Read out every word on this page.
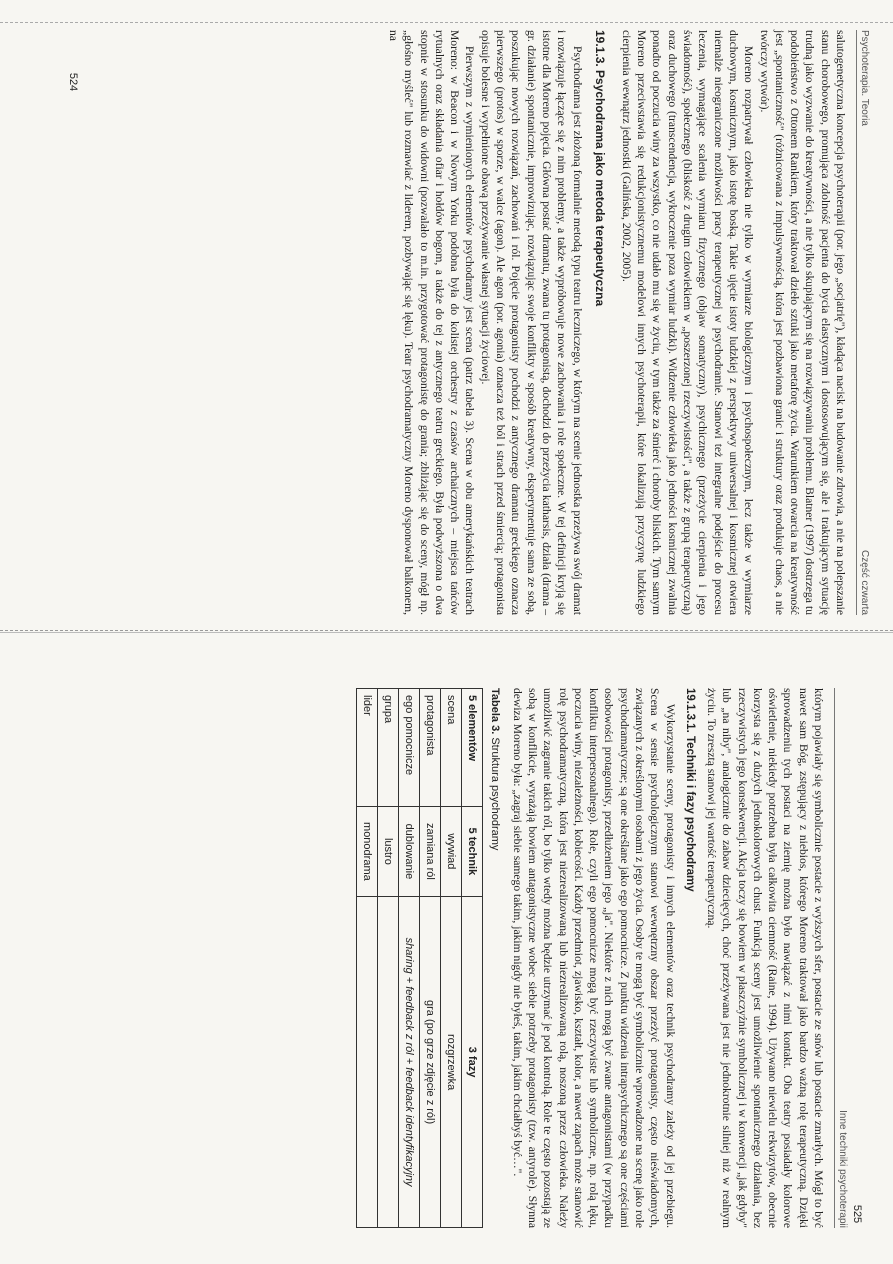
Psychoterapia. Teoria
Część czwarta

salutogenetyczna koncepcja psychoterapii (por. jego „socjatrię"), kładąca nacisk na budowanie zdrowia, a nie na polepszanie stanu chorobowego, promująca zdolność pacjenta do bycia elastycznym i dostosowującym się, ale i traktującym sytuację trudną jako wyzwanie do kreatywności, a nie tylko skupiającym się na rozwiązywaniu problemu. Blatner (1997) dostrzega tu podobieństwo z Ottonem Rankiem, który traktował dzieło sztuki jako metaforę życia. Warunkiem otwarcia na kreatywność jest „spontaniczność" (różnicowana z impulsywnością, która jest pozbawiona granic i struktury oraz produkuje chaos, a nie twórczy wytwór).

Moreno rozpatrywał człowieka nie tylko w wymiarze biologicznym i psychospołecznym, lecz także w wymiarze duchowym, kosmicznym, jako istotę boską. Takie ujęcie istoty ludzkiej z perspektywy uniwersalnej i kosmicznej otwiera niemalże nieograniczone możliwości pracy terapeutycznej w psychodramie. Stanowi też integralne podejście do procesu leczenia, wymagające scalenia wymiaru fizycznego (objaw somatyczny), psychicznego (przeżycie cierpienia i jego świadomość), społecznego (bliskość z drugim człowiekiem w „poszerzonej rzeczywistości", a także z grupą terapeutyczną) oraz duchowego (transcendencja, wykroczenie poza wymiar ludzki). Widzenie człowieka jako jedności kosmicznej zwalnia ponadto od poczucia winy za wszystko, co nie udało mu się w życiu, w tym także za śmierć i choroby bliskich. Tym samym Moreno przeciwstawia się redukcjonistycznemu modelowi innych psychoterapii, które lokalizują przyczynę ludzkiego cierpienia wewnątrz jednostki (Galińska, 2002, 2005).

19.1.3. Psychodrama jako metoda terapeutyczna

Psychodrama jest złożoną formalnie metodą typu teatru leczniczego, w którym na scenie jednostka przeżywa swój dramat i rozwiązuje łączące się z nim problemy, a także wypróbowuje nowe zachowania i role społeczne. W tej definicji kryją się istotne dla Moreno pojęcia. Główna postać dramatu, zwana tu protagonistą, dochodzi do przeżycia katharsis, działa (drama – gr. działanie) spontanicznie, improwizując, rozwiązując swoje konflikty w sposób kreatywny, eksperymentuje sama ze sobą, poszukując nowych rozwiązań, zachowań i ról. Pojęcie protagonisty pochodzi z antycznego dramatu greckiego oznacza pierwszego (protos) w sporze, w walce (agon). Ale agon (por. agonia) oznacza też ból i strach przed śmiercią; protagonista opisuje bolesne i wypełnione obawą przeżywanie własnej sytuacji życiowej.

Pierwszym z wymienionych elementów psychodramy jest scena (patrz tabela 3). Scena w obu amerykańskich teatrach Moreno: w Beacon i w Nowym Yorku podobna była do kolistej orchestry z czasów archaicznych – miejsca tańców rytualnych oraz składania ofiar i hołdów bogom, a także do tej z antycznego teatru greckiego. Była podwyższona o dwa stopnie w stosunku do widowni (pozwalało to m.in. przygotować protagonistę do grania; zbliżając się do sceny, mógł np. „głośno myśleć" lub rozmawiać z liderem, pozbywając się lęku). Teatr psychodramatyczny Moreno dysponował balkonem, na

524
Inne techniki psychoterapii

którym pojawiały się symbolicznie postacie z wyższych sfer, postacie ze snów lub postacie zmarłych. Mógł to być nawet sam Bóg, zstępujący z niebios, którego Moreno traktował jako bardzo ważną rolę terapeutyczną. Dzięki sprowadzeniu tych postaci na ziemię można było nawiązać z nimi kontakt. Oba teatry posiadały kolorowe oświetlenie, niekiedy potrzebna była całkowita ciemność (Raine, 1994). Używano niewielu rekwizytów, obecnie korzysta się z dużych jednokolorowych chust. Funkcją sceny jest umożliwienie spontanicznego działania, bez rzeczywistych jego konsekwencji. Akcja toczy się bowiem w płaszczyźnie symbolicznej i w konwencji „jak gdyby" lub „na niby", analogicznie do zabaw dziecięcych, choć przeżywana jest nie jednokrotnie silniej niż w realnym życiu. To zresztą stanowi jej wartość terapeutyczną.

19.1.3.1. Techniki i fazy psychodramy

Wykorzystanie sceny, protagonisty i innych elementów oraz technik psychodramy zależy od jej przebiegu. Scena w sensie psychologicznym stanowi wewnętrzny obszar przeżyć protagonisty, często nieświadomych, związanych z określonymi osobami z jego życia. Osoby te mogą być symbolicznie wprowadzone na scenę jako role psychodramatyczne; są one określane jako ego pomocnicze. Z punktu widzenia intrapsychicznego są one częściami osobowości protagonisty, przedłużeniem jego „ja". Niektóre z nich mogą być zwane antagonistami (w przypadku konfliktu interpersonalnego). Role, czyli ego pomocnicze mogą być rzeczywiste lub symboliczne, np. rolą lęku, poczucia winy, niezależności, kobiecości. Każdy przedmiot, zjawisko, kształt, kolor, a nawet zapach może stanowić rolę psychodramatyczną, która jest niezrealizowaną lub niezrealizowaną rolą, noszoną przez człowieka. Należy umożliwić zagranie takich ról, bo tylko wtedy można będzie utrzymać je pod kontrolą. Role te często pozostają ze sobą w konflikcie, wyrażają bowiem antagonistyczne wobec siebie potrzeby protagonisty (tzw. antyrole). Słynna dewiza Moreno była: „zagraj siebie samego takim, jakim nigdy nie byłeś, takim, jakim chciałbyś być…".

Tabela 3. Struktura psychodramy
5 elementów	5 technik	3 fazy
scena	wywiad	rozgrzewka
protagonista	zamiana ról	gra (po grze zdjęcie z ról)
ego pomocnicze	dublowanie	sharing + feedback z ról + feedback identyfikacyjny
grupa	lustro	
lider	monodrama	
525
